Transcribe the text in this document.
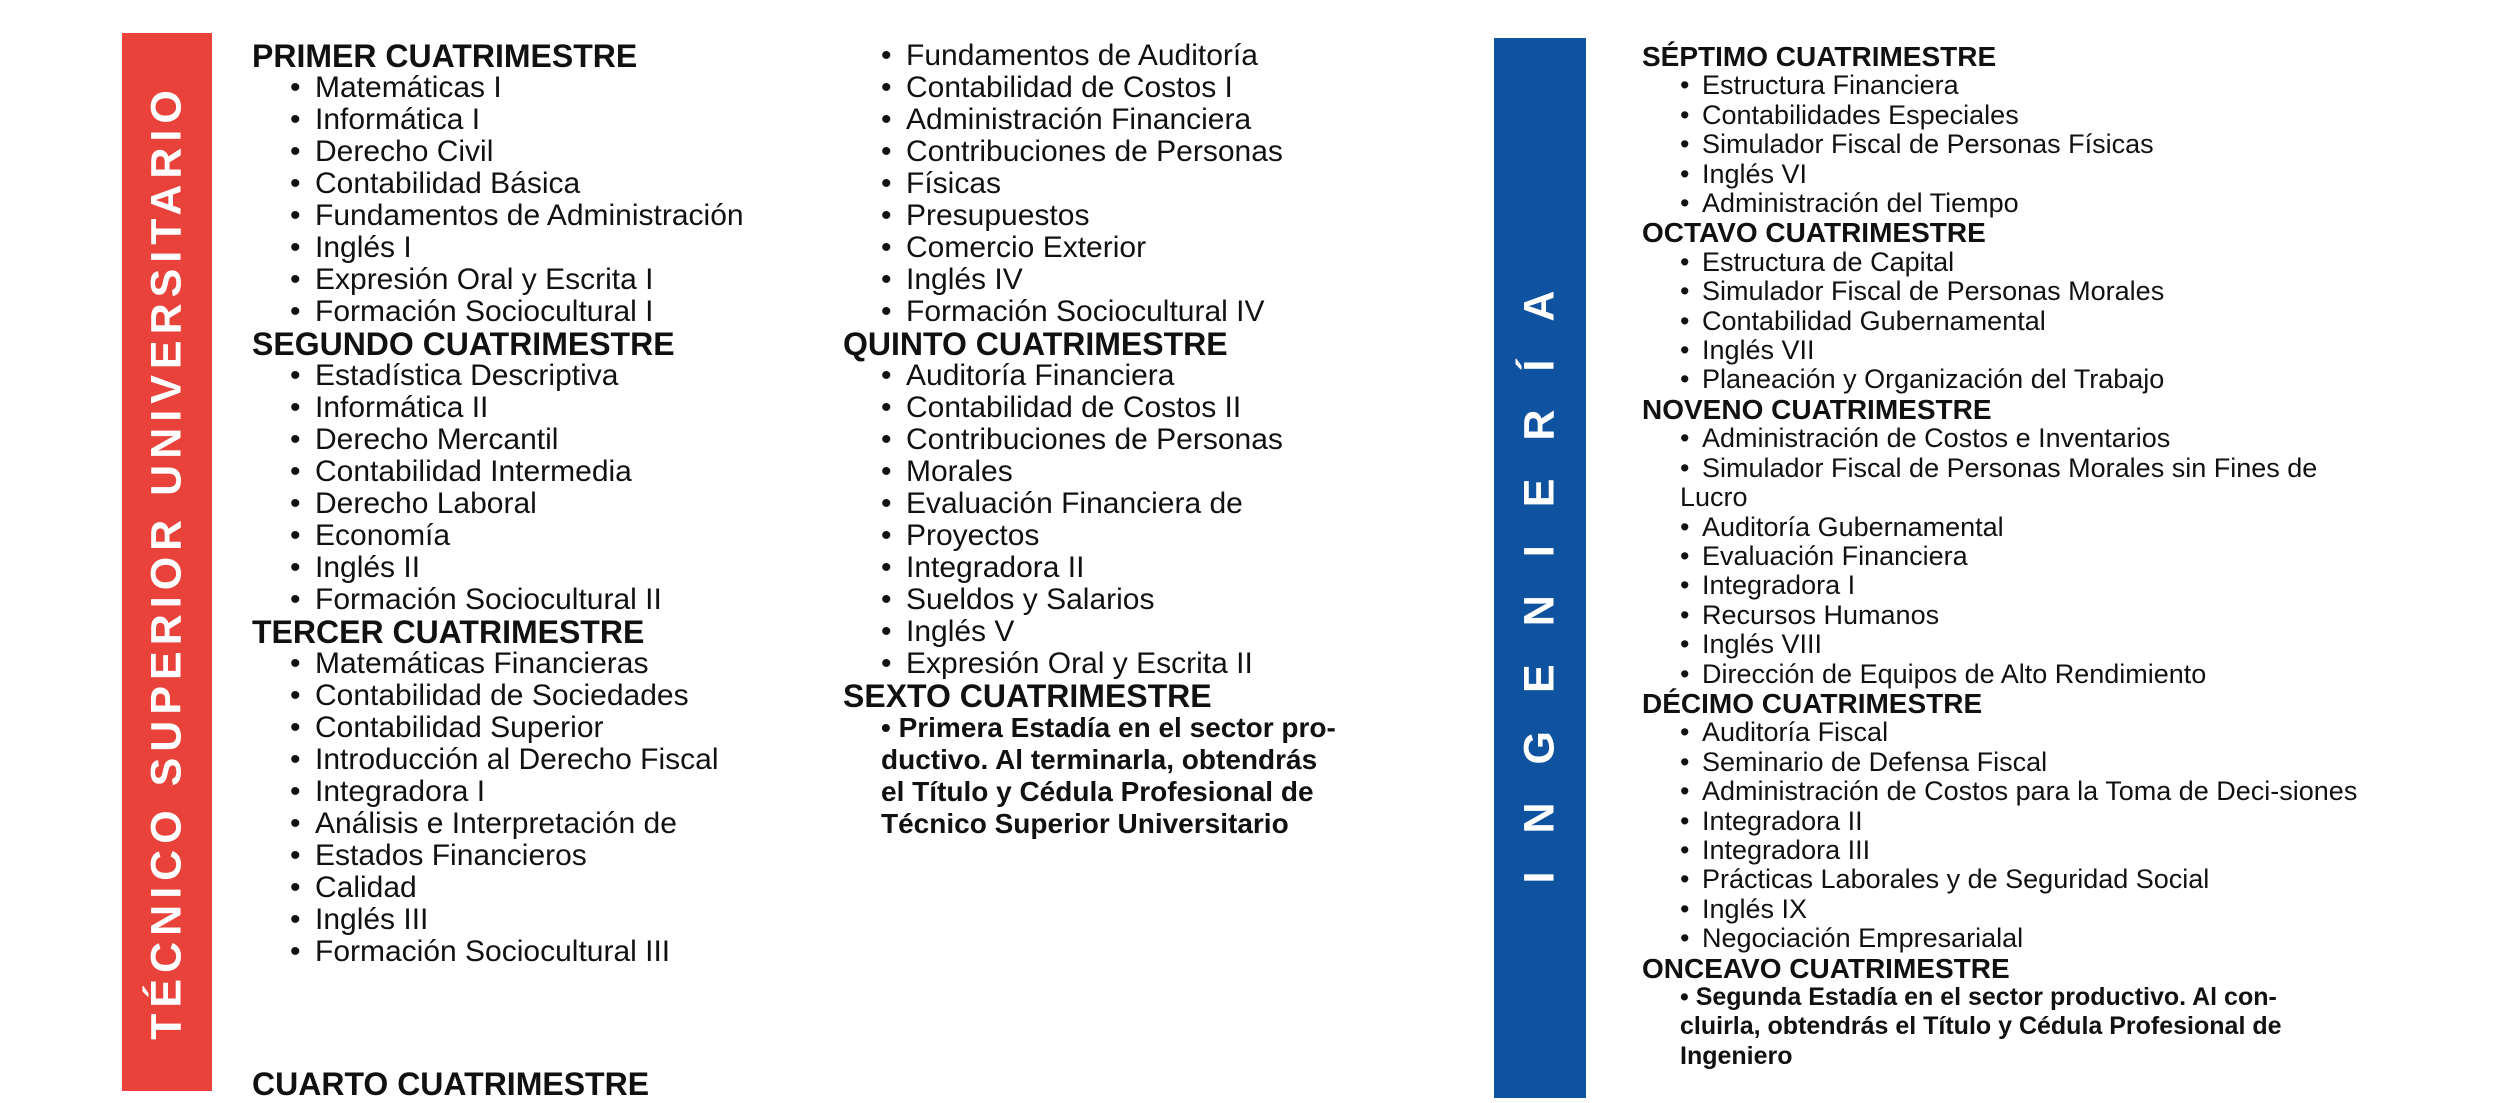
TÉCNICO SUPERIOR UNIVERSITARIO	INGENIERÍA
PRIMER CUATRIMESTRE
• Matemáticas I
• Informática I
• Derecho Civil
• Contabilidad Básica
• Fundamentos de Administración
• Inglés I
• Expresión Oral y Escrita I
• Formación Sociocultural I
SEGUNDO CUATRIMESTRE
• Estadística Descriptiva
• Informática II
• Derecho Mercantil
• Contabilidad Intermedia
• Derecho Laboral
• Economía
• Inglés II
• Formación Sociocultural II
TERCER CUATRIMESTRE
• Matemáticas Financieras
• Contabilidad de Sociedades
• Contabilidad Superior
• Introducción al Derecho Fiscal
• Integradora I
• Análisis e Interpretación de
• Estados Financieros
• Calidad
• Inglés III
• Formación Sociocultural III
CUARTO CUATRIMESTRE
• Fundamentos de Auditoría
• Contabilidad de Costos I
• Administración Financiera
• Contribuciones de Personas
• Físicas
• Presupuestos
• Comercio Exterior
• Inglés IV
• Formación Sociocultural IV
QUINTO CUATRIMESTRE
• Auditoría Financiera
• Contabilidad de Costos II
• Contribuciones de Personas
• Morales
• Evaluación Financiera de
• Proyectos
• Integradora II
• Sueldos y Salarios
• Inglés V
• Expresión Oral y Escrita II
SEXTO CUATRIMESTRE
• Primera Estadía en el sector pro-
ductivo. Al terminarla, obtendrás
el Título y Cédula Profesional de
Técnico Superior Universitario
SÉPTIMO CUATRIMESTRE
• Estructura Financiera
• Contabilidades Especiales
• Simulador Fiscal de Personas Físicas
• Inglés VI
• Administración del Tiempo
OCTAVO CUATRIMESTRE
• Estructura de Capital
• Simulador Fiscal de Personas Morales
• Contabilidad Gubernamental
• Inglés VII
• Planeación y Organización del Trabajo
NOVENO CUATRIMESTRE
• Administración de Costos e Inventarios
• Simulador Fiscal de Personas Morales sin Fines de Lucro
• Auditoría Gubernamental
• Evaluación Financiera
• Integradora I
• Recursos Humanos
• Inglés VIII
• Dirección de Equipos de Alto Rendimiento
DÉCIMO CUATRIMESTRE
• Auditoría Fiscal
• Seminario de Defensa Fiscal
• Administración de Costos para la Toma de Deci-siones
• Integradora II
• Integradora III
• Prácticas Laborales y de Seguridad Social
• Inglés IX
• Negociación Empresarialal
ONCEAVO CUATRIMESTRE
• Segunda Estadía en el sector productivo. Al con-
cluirla, obtendrás el Título y Cédula Profesional de
Ingeniero
